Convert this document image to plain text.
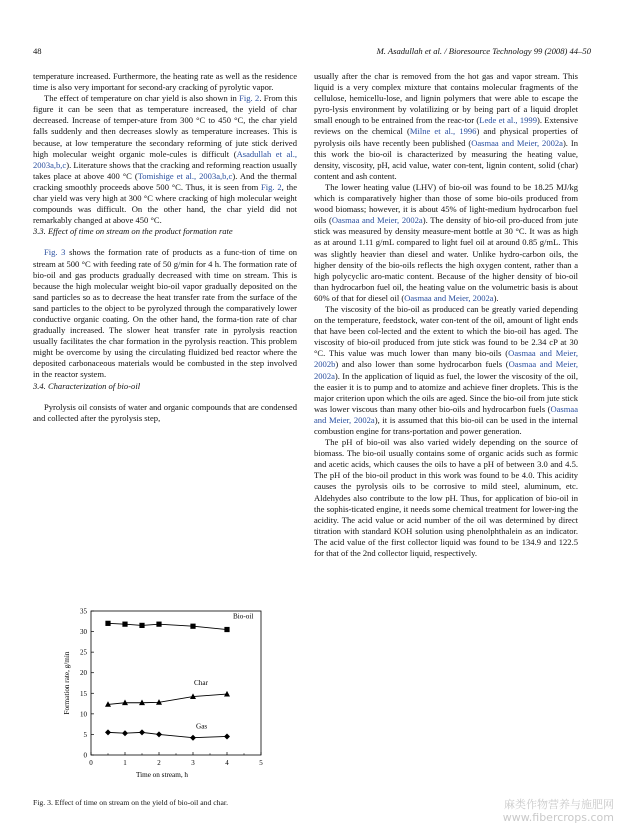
48	M. Asadullah et al. / Bioresource Technology 99 (2008) 44–50

temperature increased. Furthermore, the heating rate as well as the residence time is also very important for second-ary cracking of pyrolytic vapor.

The effect of temperature on char yield is also shown in Fig. 2. From this figure it can be seen that as temperature increased, the yield of char decreased. Increase of temper-ature from 300 °C to 450 °C, the char yield falls suddenly and then decreases slowly as temperature increases. This is because, at low temperature the secondary reforming of jute stick derived high molecular weight organic mole-cules is difficult (Asadullah et al., 2003a,b,c). Literature shows that the cracking and reforming reaction usually takes place at above 400 °C (Tomishige et al., 2003a,b,c). And the thermal cracking smoothly proceeds above 500 °C. Thus, it is seen from Fig. 2, the char yield was very high at 300 °C where cracking of high molecular weight compounds was difficult. On the other hand, the char yield did not remarkably changed at above 450 °C.

3.3. Effect of time on stream on the product formation rate

Fig. 3 shows the formation rate of products as a func-tion of time on stream at 500 °C with feeding rate of 50 g/min for 4 h. The formation rate of bio-oil and gas products gradually decreased with time on stream. This is because the high molecular weight bio-oil vapor gradually deposited on the sand particles so as to decrease the heat transfer rate from the surface of the sand particles to the object to be pyrolyzed through the comparatively lower conductive organic coating. On the other hand, the forma-tion rate of char gradually increased. The slower heat transfer rate in pyrolysis reaction usually facilitates the char formation in the pyrolysis reaction. This problem might be overcome by using the circulating fluidized bed reactor where the deposited carbonaceous materials would be combusted in the step involved in the reactor system.

3.4. Characterization of bio-oil

Pyrolysis oil consists of water and organic compounds that are condensed and collected after the pyrolysis step,

0	1	2	3	4	5
0
5
10
15
20
25
30
35
Time on stream, h
Formation rate, g/min
Bio-oil
Char
Gas
Fig. 3. Effect of time on stream on the yield of bio-oil and char.

usually after the char is removed from the hot gas and vapor stream. This liquid is a very complex mixture that contains molecular fragments of the cellulose, hemicellu-lose, and lignin polymers that were able to escape the pyro-lysis environment by volatilizing or by being part of a liquid droplet small enough to be entrained from the reac-tor (Lede et al., 1999). Extensive reviews on the chemical (Milne et al., 1996) and physical properties of pyrolysis oils have recently been published (Oasmaa and Meier, 2002a). In this work the bio-oil is characterized by measuring the heating value, density, viscosity, pH, acid value, water con-tent, lignin content, solid (char) content and ash content.

The lower heating value (LHV) of bio-oil was found to be 18.25 MJ/kg which is comparatively higher than those of some bio-oils produced from wood biomass; however, it is about 45% of light-medium hydrocarbon fuel oils (Oasmaa and Meier, 2002a). The density of bio-oil pro-duced from jute stick was measured by density measure-ment bottle at 30 °C. It was as high as at around 1.11 g/mL compared to light fuel oil at around 0.85 g/mL. This was slightly heavier than diesel and water. Unlike hydro-carbon oils, the higher density of the bio-oils reflects the high oxygen content, rather than a high polycyclic aro-matic content. Because of the higher density of bio-oil than hydrocarbon fuel oil, the heating value on the volumetric basis is about 60% of that for diesel oil (Oasmaa and Meier, 2002a).

The viscosity of the bio-oil as produced can be greatly varied depending on the temperature, feedstock, water con-tent of the oil, amount of light ends that have been col-lected and the extent to which the bio-oil has aged. The viscosity of bio-oil produced from jute stick was found to be 2.34 cP at 30 °C. This value was much lower than many bio-oils (Oasmaa and Meier, 2002b) and also lower than some hydrocarbon fuels (Oasmaa and Meier, 2002a). In the application of liquid as fuel, the lower the viscosity of the oil, the easier it is to pump and to atomize and achieve finer droplets. This is the major criterion upon which the oils are aged. Since the bio-oil from jute stick was lower viscous than many other bio-oils and hydrocarbon fuels (Oasmaa and Meier, 2002a), it is assumed that this bio-oil can be used in the internal combustion engine for trans-portation and power generation.

The pH of bio-oil was also varied widely depending on the source of biomass. The bio-oil usually contains some of organic acids such as formic and acetic acids, which causes the oils to have a pH of between 3.0 and 4.5. The pH of the bio-oil product in this work was found to be 4.0. This acidity causes the pyrolysis oils to be corrosive to mild steel, aluminum, etc. Aldehydes also contribute to the low pH. Thus, for application of bio-oil in the sophis-ticated engine, it needs some chemical treatment for lower-ing the acidity. The acid value or acid number of the oil was determined by direct titration with standard KOH solution using phenolphthalein as an indicator. The acid value of the first collector liquid was found to be 134.9 and 122.5 for that of the 2nd collector liquid, respectively.

麻类作物营养与施肥网
www.fibercrops.com
